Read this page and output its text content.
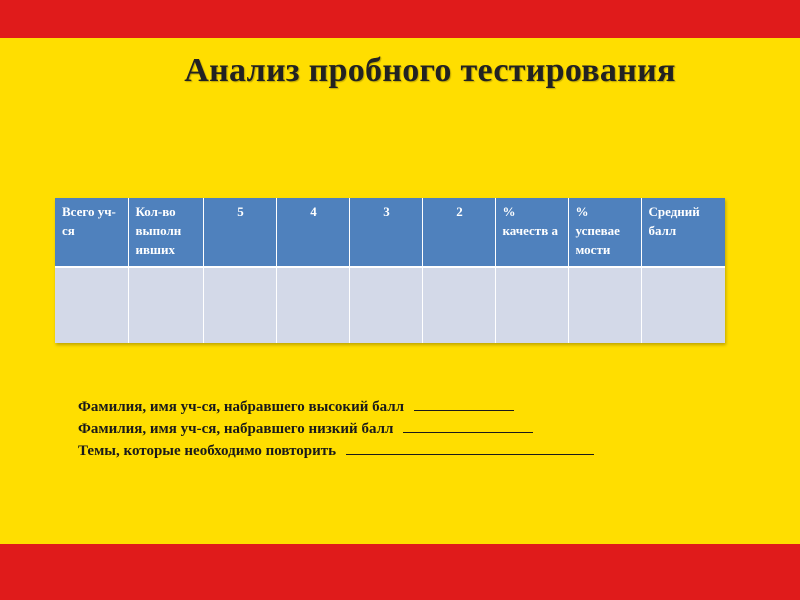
Анализ пробного тестирования
Всего уч-ся	Кол-во выполн ивших	5	4	3	2	% качеств а	% успевае мости	Средний балл

Фамилия, имя уч-ся, набравшего высокий балл
Фамилия, имя уч-ся, набравшего низкий балл
Темы, которые необходимо повторить
